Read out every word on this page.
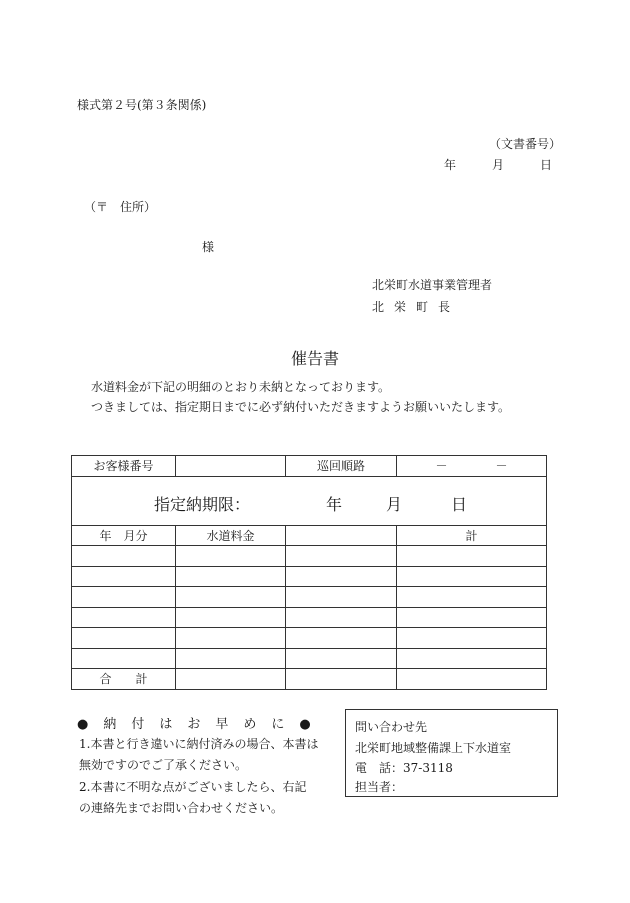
様式第２号(第３条関係)
（文書番号）
年	月	日
（〒　住所）
様
北栄町水道事業管理者
北栄町長
催告書
水道料金が下記の明細のとおり未納となっております。
つきましては、指定期日までに必ず納付いただきますようお願いいたします。
お客様番号		巡回順路	－　　　　－

指定納期限： 年 月 日			

年　月分	水道料金		計

合　　計			
●　納　付　は　お　早　め　に　●
1.本書と行き違いに納付済みの場合、本書は
無効ですのでご了承ください。
2.本書に不明な点がございましたら、右記
の連絡先までお問い合わせください。
問い合わせ先
北栄町地域整備課上下水道室
電　話：37-3118
担当者：
